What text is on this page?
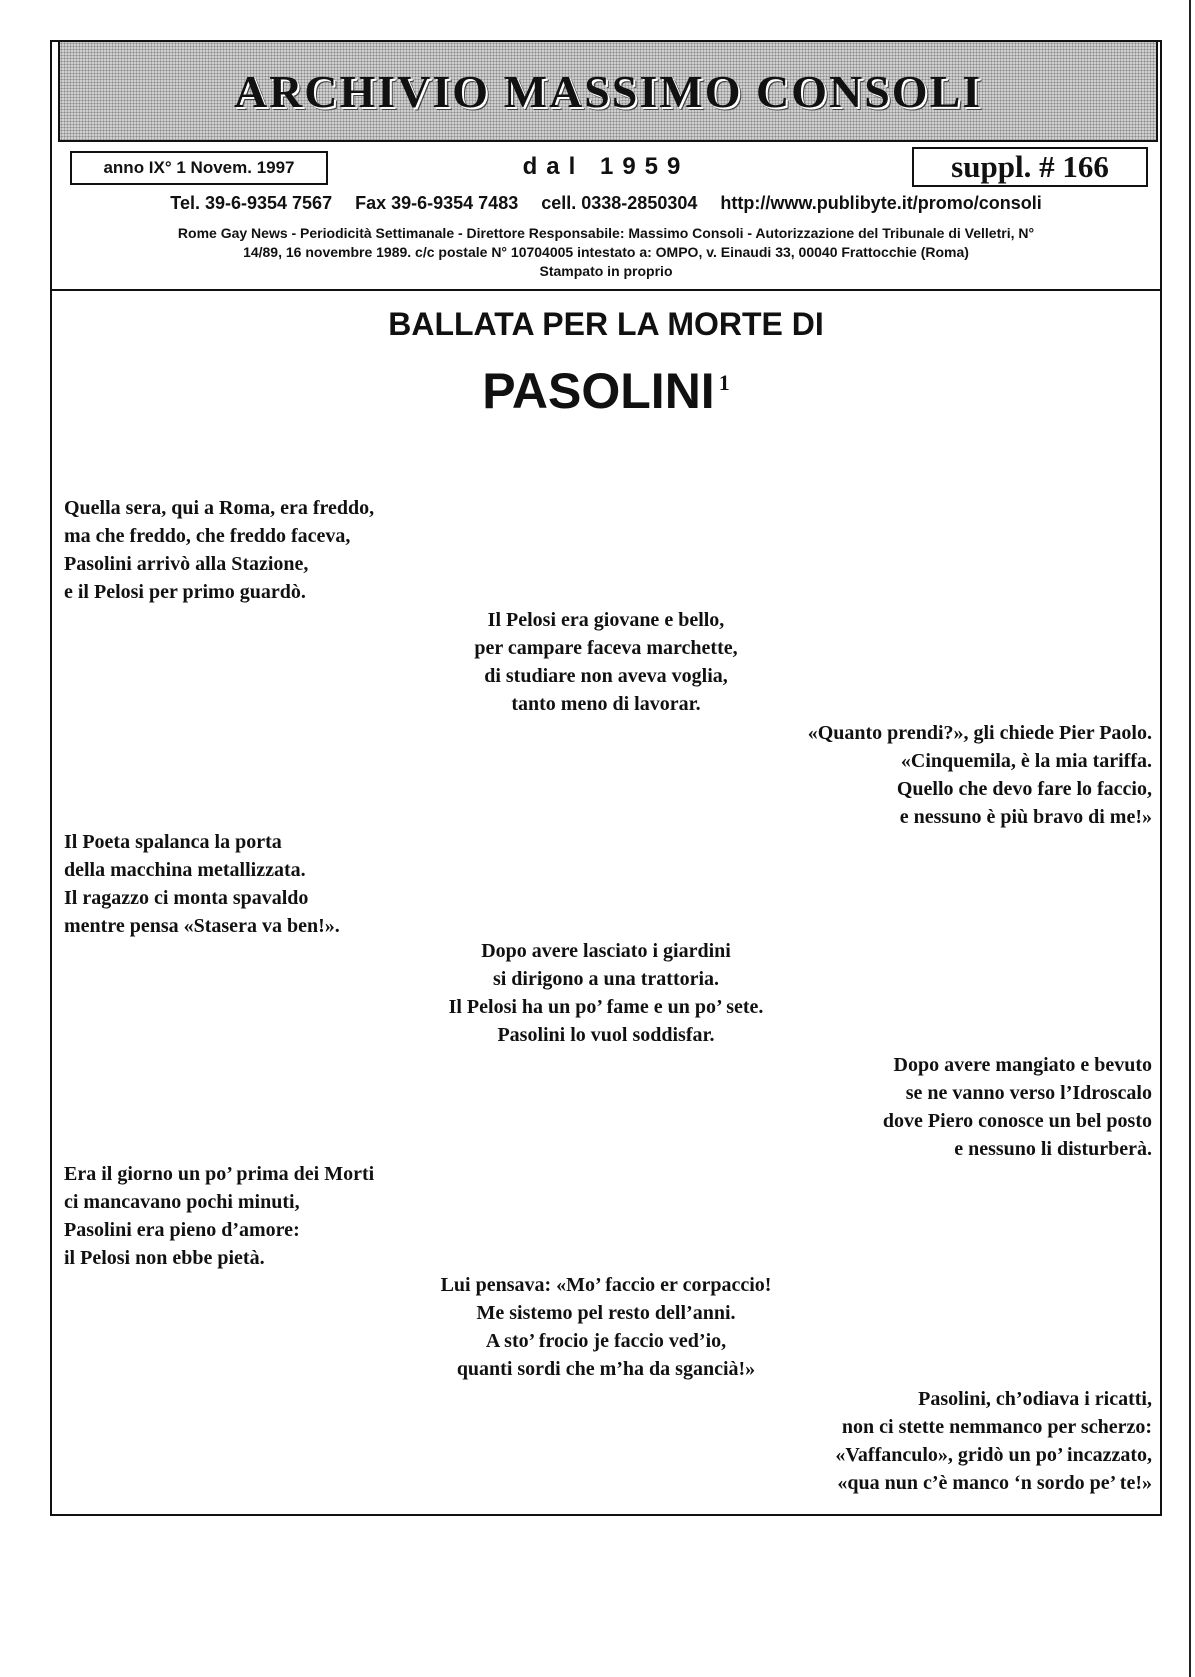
ARCHIVIO MASSIMO CONSOLI
anno IX° 1 Novem. 1997	dal 1959	suppl. # 166
Tel. 39-6-9354 7567 Fax 39-6-9354 7483 cell. 0338-2850304 http://www.publibyte.it/promo/consoli
Rome Gay News - Periodicità Settimanale - Direttore Responsabile: Massimo Consoli - Autorizzazione del Tribunale di Velletri, N°
14/89, 16 novembre 1989. c/c postale N° 10704005 intestato a: OMPO, v. Einaudi 33, 00040 Frattocchie (Roma)
Stampato in proprio
BALLATA PER LA MORTE DI
PASOLINI $^1$
Quella sera, qui a Roma, era freddo,
ma che freddo, che freddo faceva,
Pasolini arrivò alla Stazione,
e il Pelosi per primo guardò.
Il Pelosi era giovane e bello,
per campare faceva marchette,
di studiare non aveva voglia,
tanto meno di lavorar.
«Quanto prendi?», gli chiede Pier Paolo.
«Cinquemila, è la mia tariffa.
Quello che devo fare lo faccio,
e nessuno è più bravo di me!»
Il Poeta spalanca la porta
della macchina metallizzata.
Il ragazzo ci monta spavaldo
mentre pensa «Stasera va ben!».
Dopo avere lasciato i giardini
si dirigono a una trattoria.
Il Pelosi ha un po’ fame e un po’ sete.
Pasolini lo vuol soddisfar.
Dopo avere mangiato e bevuto
se ne vanno verso l’Idroscalo
dove Piero conosce un bel posto
e nessuno li disturberà.
Era il giorno un po’ prima dei Morti
ci mancavano pochi minuti,
Pasolini era pieno d’amore:
il Pelosi non ebbe pietà.
Lui pensava: «Mo’ faccio er corpaccio!
Me sistemo pel resto dell’anni.
A sto’ frocio je faccio ved’io,
quanti sordi che m’ha da sgancià!»
Pasolini, ch’odiava i ricatti,
non ci stette nemmanco per scherzo:
«Vaffanculo», gridò un po’ incazzato,
«qua nun c’è manco ‘n sordo pe’ te!»
